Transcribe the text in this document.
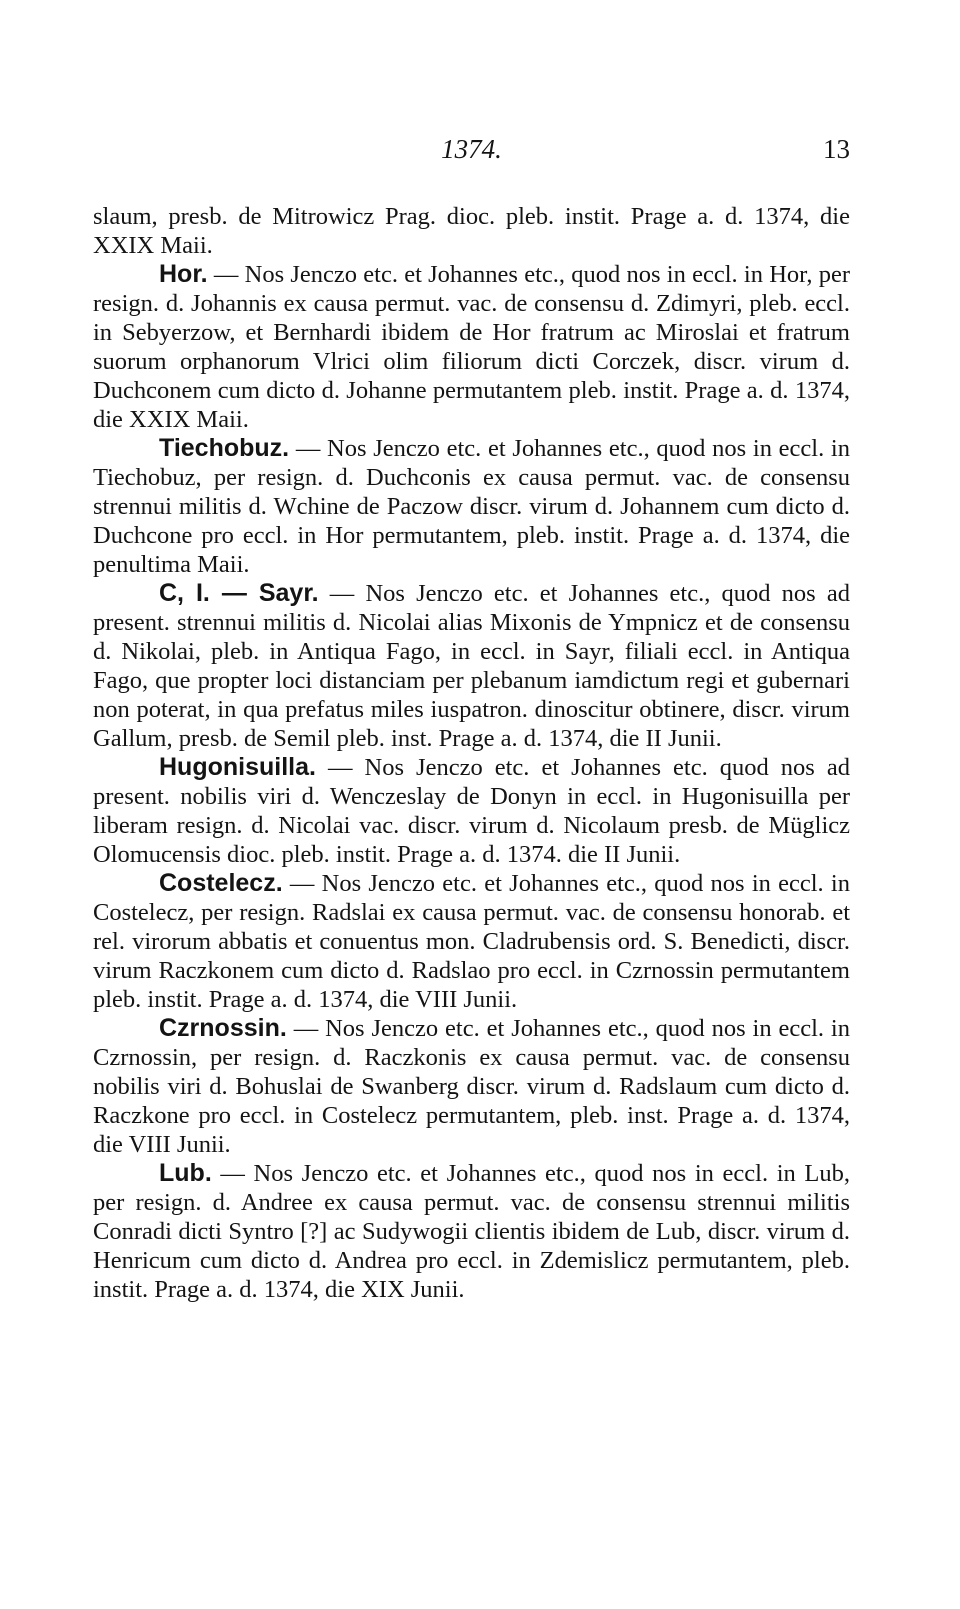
1374.	13

slaum, presb. de Mitrowicz Prag. dioc. pleb. instit. Prage a. d. 1374, die XXIX Maii.

Hor. — Nos Jenczo etc. et Johannes etc., quod nos in eccl. in Hor, per resign. d. Johannis ex causa permut. vac. de consensu d. Zdimyri, pleb. eccl. in Sebyerzow, et Bernhardi ibidem de Hor fratrum ac Miroslai et fratrum suorum orphanorum Vlrici olim filiorum dicti Corczek, discr. virum d. Duchconem cum dicto d. Johanne permutantem pleb. instit. Prage a. d. 1374, die XXIX Maii.

Tiechobuz. — Nos Jenczo etc. et Johannes etc., quod nos in eccl. in Tiechobuz, per resign. d. Duchconis ex causa permut. vac. de consensu strennui militis d. Wchine de Paczow discr. virum d. Johannem cum dicto d. Duchcone pro eccl. in Hor permutantem, pleb. instit. Prage a. d. 1374, die penultima Maii.

C, I. — Sayr. — Nos Jenczo etc. et Johannes etc., quod nos ad present. strennui militis d. Nicolai alias Mixonis de Ympnicz et de consensu d. Nikolai, pleb. in Antiqua Fago, in eccl. in Sayr, filiali eccl. in Antiqua Fago, que propter loci distanciam per plebanum iamdictum regi et gubernari non poterat, in qua prefatus miles iuspatron. dinoscitur obtinere, discr. virum Gallum, presb. de Semil pleb. inst. Prage a. d. 1374, die II Junii.

Hugonisuilla. — Nos Jenczo etc. et Johannes etc. quod nos ad present. nobilis viri d. Wenczeslay de Donyn in eccl. in Hugonisuilla per liberam resign. d. Nicolai vac. discr. virum d. Nicolaum presb. de Müglicz Olomucensis dioc. pleb. instit. Prage a. d. 1374. die II Junii.

Costelecz. — Nos Jenczo etc. et Johannes etc., quod nos in eccl. in Costelecz, per resign. Radslai ex causa permut. vac. de consensu honorab. et rel. virorum abbatis et conuentus mon. Cladrubensis ord. S. Benedicti, discr. virum Raczkonem cum dicto d. Radslao pro eccl. in Czrnossin permutantem pleb. instit. Prage a. d. 1374, die VIII Junii.

Czrnossin. — Nos Jenczo etc. et Johannes etc., quod nos in eccl. in Czrnossin, per resign. d. Raczkonis ex causa permut. vac. de consensu nobilis viri d. Bohuslai de Swanberg discr. virum d. Radslaum cum dicto d. Raczkone pro eccl. in Costelecz permutantem, pleb. inst. Prage a. d. 1374, die VIII Junii.

Lub. — Nos Jenczo etc. et Johannes etc., quod nos in eccl. in Lub, per resign. d. Andree ex causa permut. vac. de consensu strennui militis Conradi dicti Syntro [?] ac Sudywogii clientis ibidem de Lub, discr. virum d. Henricum cum dicto d. Andrea pro eccl. in Zdemislicz permutantem, pleb. instit. Prage a. d. 1374, die XIX Junii.
